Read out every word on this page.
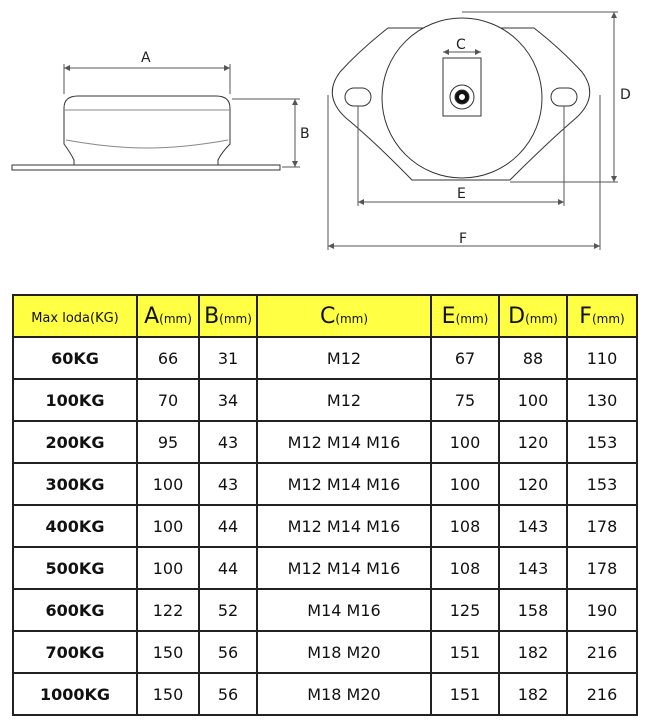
A
B
C
D
E
F
Max loda(KG)	A(mm)	B(mm)	C(mm)	E(mm)	D(mm)	F(mm)
60KG	66	31	M12	67	88	110
100KG	70	34	M12	75	100	130
200KG	95	43	M12 M14 M16	100	120	153
300KG	100	43	M12 M14 M16	100	120	153
400KG	100	44	M12 M14 M16	108	143	178
500KG	100	44	M12 M14 M16	108	143	178
600KG	122	52	M14 M16	125	158	190
700KG	150	56	M18 M20	151	182	216
1000KG	150	56	M18 M20	151	182	216
